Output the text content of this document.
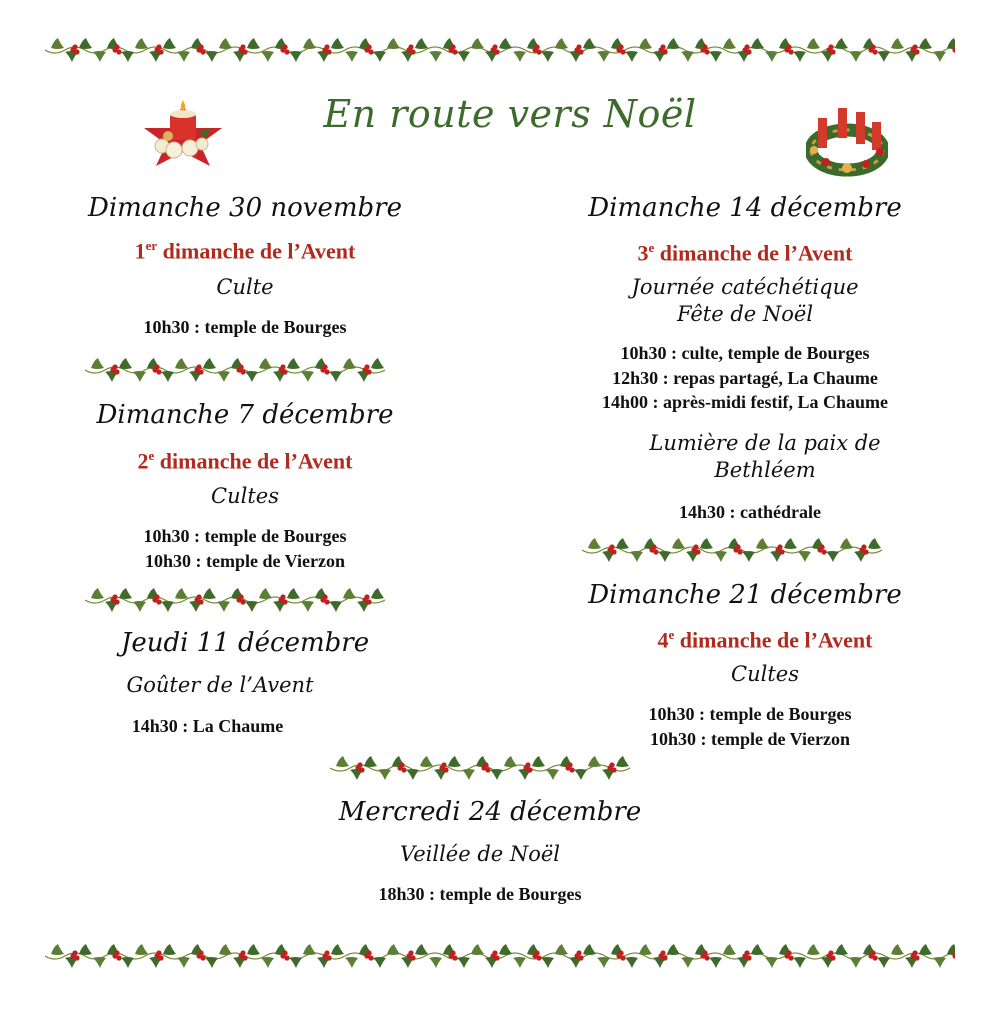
En route vers Noël
Dimanche 30 novembre
1er dimanche de l’Avent
Culte
10h30 : temple de Bourges
Dimanche 7 décembre
2e dimanche de l’Avent
Cultes
10h30 : temple de Bourges
10h30 : temple de Vierzon
Jeudi 11 décembre
Goûter de l’Avent
14h30 : La Chaume
Dimanche 14 décembre
3e dimanche de l’Avent
Journée catéchétique
Fête de Noël
10h30 : culte, temple de Bourges
12h30 : repas partagé, La Chaume
14h00 : après-midi festif, La Chaume
Lumière de la paix de
Bethléem
14h30 : cathédrale
Dimanche 21 décembre
4e dimanche de l’Avent
Cultes
10h30 : temple de Bourges
10h30 : temple de Vierzon
Mercredi 24 décembre
Veillée de Noël
18h30 : temple de Bourges
